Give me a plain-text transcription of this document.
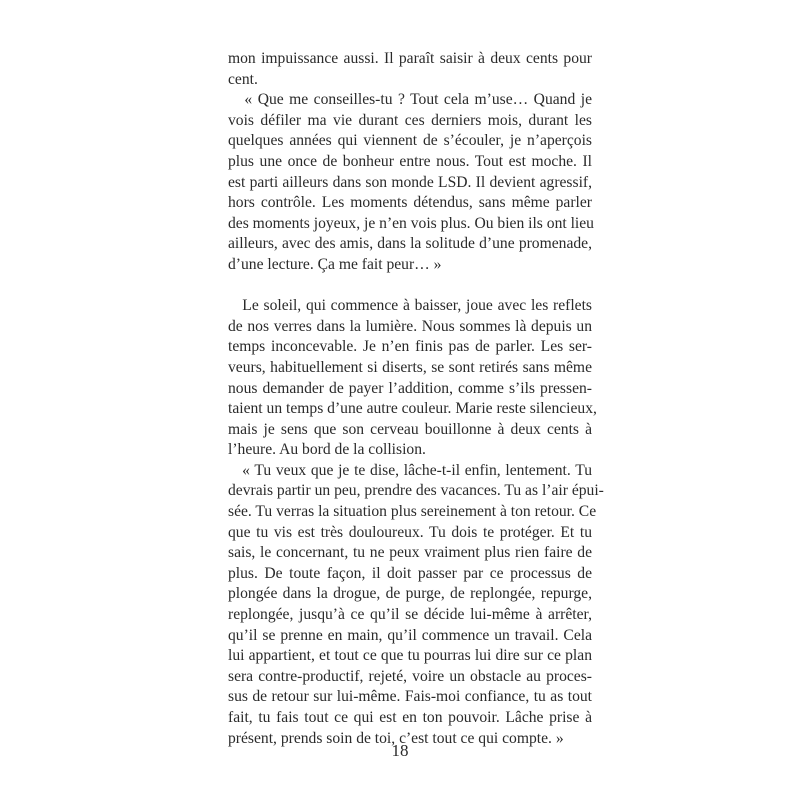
mon impuissance aussi. Il paraît saisir à deux cents pour
cent.
« Que me conseilles-tu ? Tout cela m’use… Quand je
vois défiler ma vie durant ces derniers mois, durant les
quelques années qui viennent de s’écouler, je n’aperçois
plus une once de bonheur entre nous. Tout est moche. Il
est parti ailleurs dans son monde LSD. Il devient agressif,
hors contrôle. Les moments détendus, sans même parler
des moments joyeux, je n’en vois plus. Ou bien ils ont lieu
ailleurs, avec des amis, dans la solitude d’une promenade,
d’une lecture. Ça me fait peur… »
Le soleil, qui commence à baisser, joue avec les reflets
de nos verres dans la lumière. Nous sommes là depuis un
temps inconcevable. Je n’en finis pas de parler. Les ser-
veurs, habituellement si diserts, se sont retirés sans même
nous demander de payer l’addition, comme s’ils pressen-
taient un temps d’une autre couleur. Marie reste silencieux,
mais je sens que son cerveau bouillonne à deux cents à
l’heure. Au bord de la collision.
« Tu veux que je te dise, lâche-t-il enfin, lentement. Tu
devrais partir un peu, prendre des vacances. Tu as l’air épui-
sée. Tu verras la situation plus sereinement à ton retour. Ce
que tu vis est très douloureux. Tu dois te protéger. Et tu
sais, le concernant, tu ne peux vraiment plus rien faire de
plus. De toute façon, il doit passer par ce processus de
plongée dans la drogue, de purge, de replongée, repurge,
replongée, jusqu’à ce qu’il se décide lui-même à arrêter,
qu’il se prenne en main, qu’il commence un travail. Cela
lui appartient, et tout ce que tu pourras lui dire sur ce plan
sera contre-productif, rejeté, voire un obstacle au proces-
sus de retour sur lui-même. Fais-moi confiance, tu as tout
fait, tu fais tout ce qui est en ton pouvoir. Lâche prise à
présent, prends soin de toi, c’est tout ce qui compte. »
18
